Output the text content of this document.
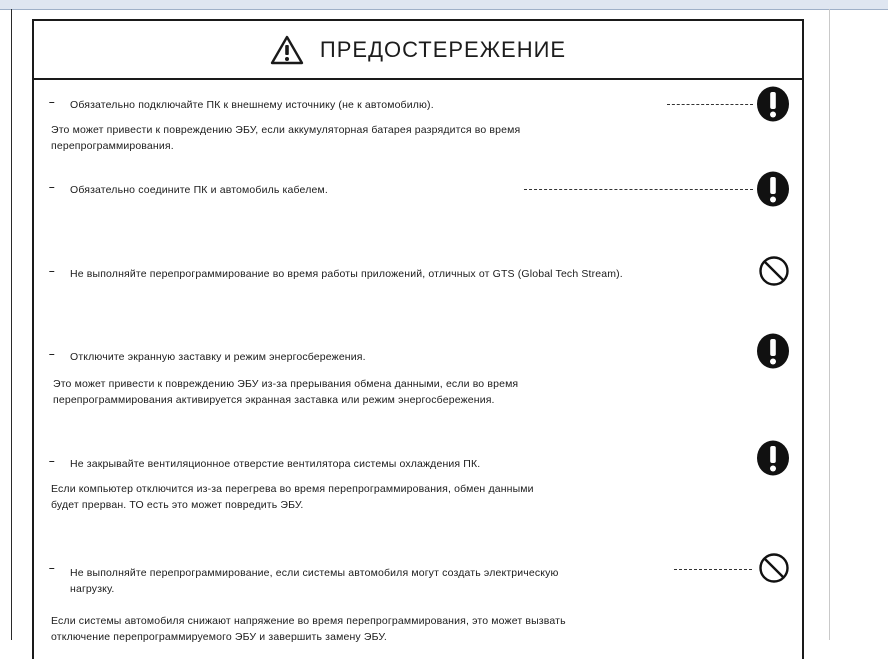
ПРЕДОСТЕРЕЖЕНИЕ
– Обязательно подключайте ПК к внешнему источнику (не к автомобилю).
Это может привести к повреждению ЭБУ, если аккумуляторная батарея разрядится во время
перепрограммирования.
– Обязательно соедините ПК и автомобиль кабелем.
– Не выполняйте перепрограммирование во время работы приложений, отличных от GTS (Global Tech Stream).
– Отключите экранную заставку и режим энергосбережения.
Это может привести к повреждению ЭБУ из-за прерывания обмена данными, если во время
перепрограммирования активируется экранная заставка или режим энергосбережения.
– Не закрывайте вентиляционное отверстие вентилятора системы охлаждения ПК.
Если компьютер отключится из-за перегрева во время перепрограммирования, обмен данными
будет прерван. ТО есть это может повредить ЭБУ.
– Не выполняйте перепрограммирование, если системы автомобиля могут создать электрическую
нагрузку.
Если системы автомобиля снижают напряжение во время перепрограммирования, это может вызвать
отключение перепрограммируемого ЭБУ и завершить замену ЭБУ.
